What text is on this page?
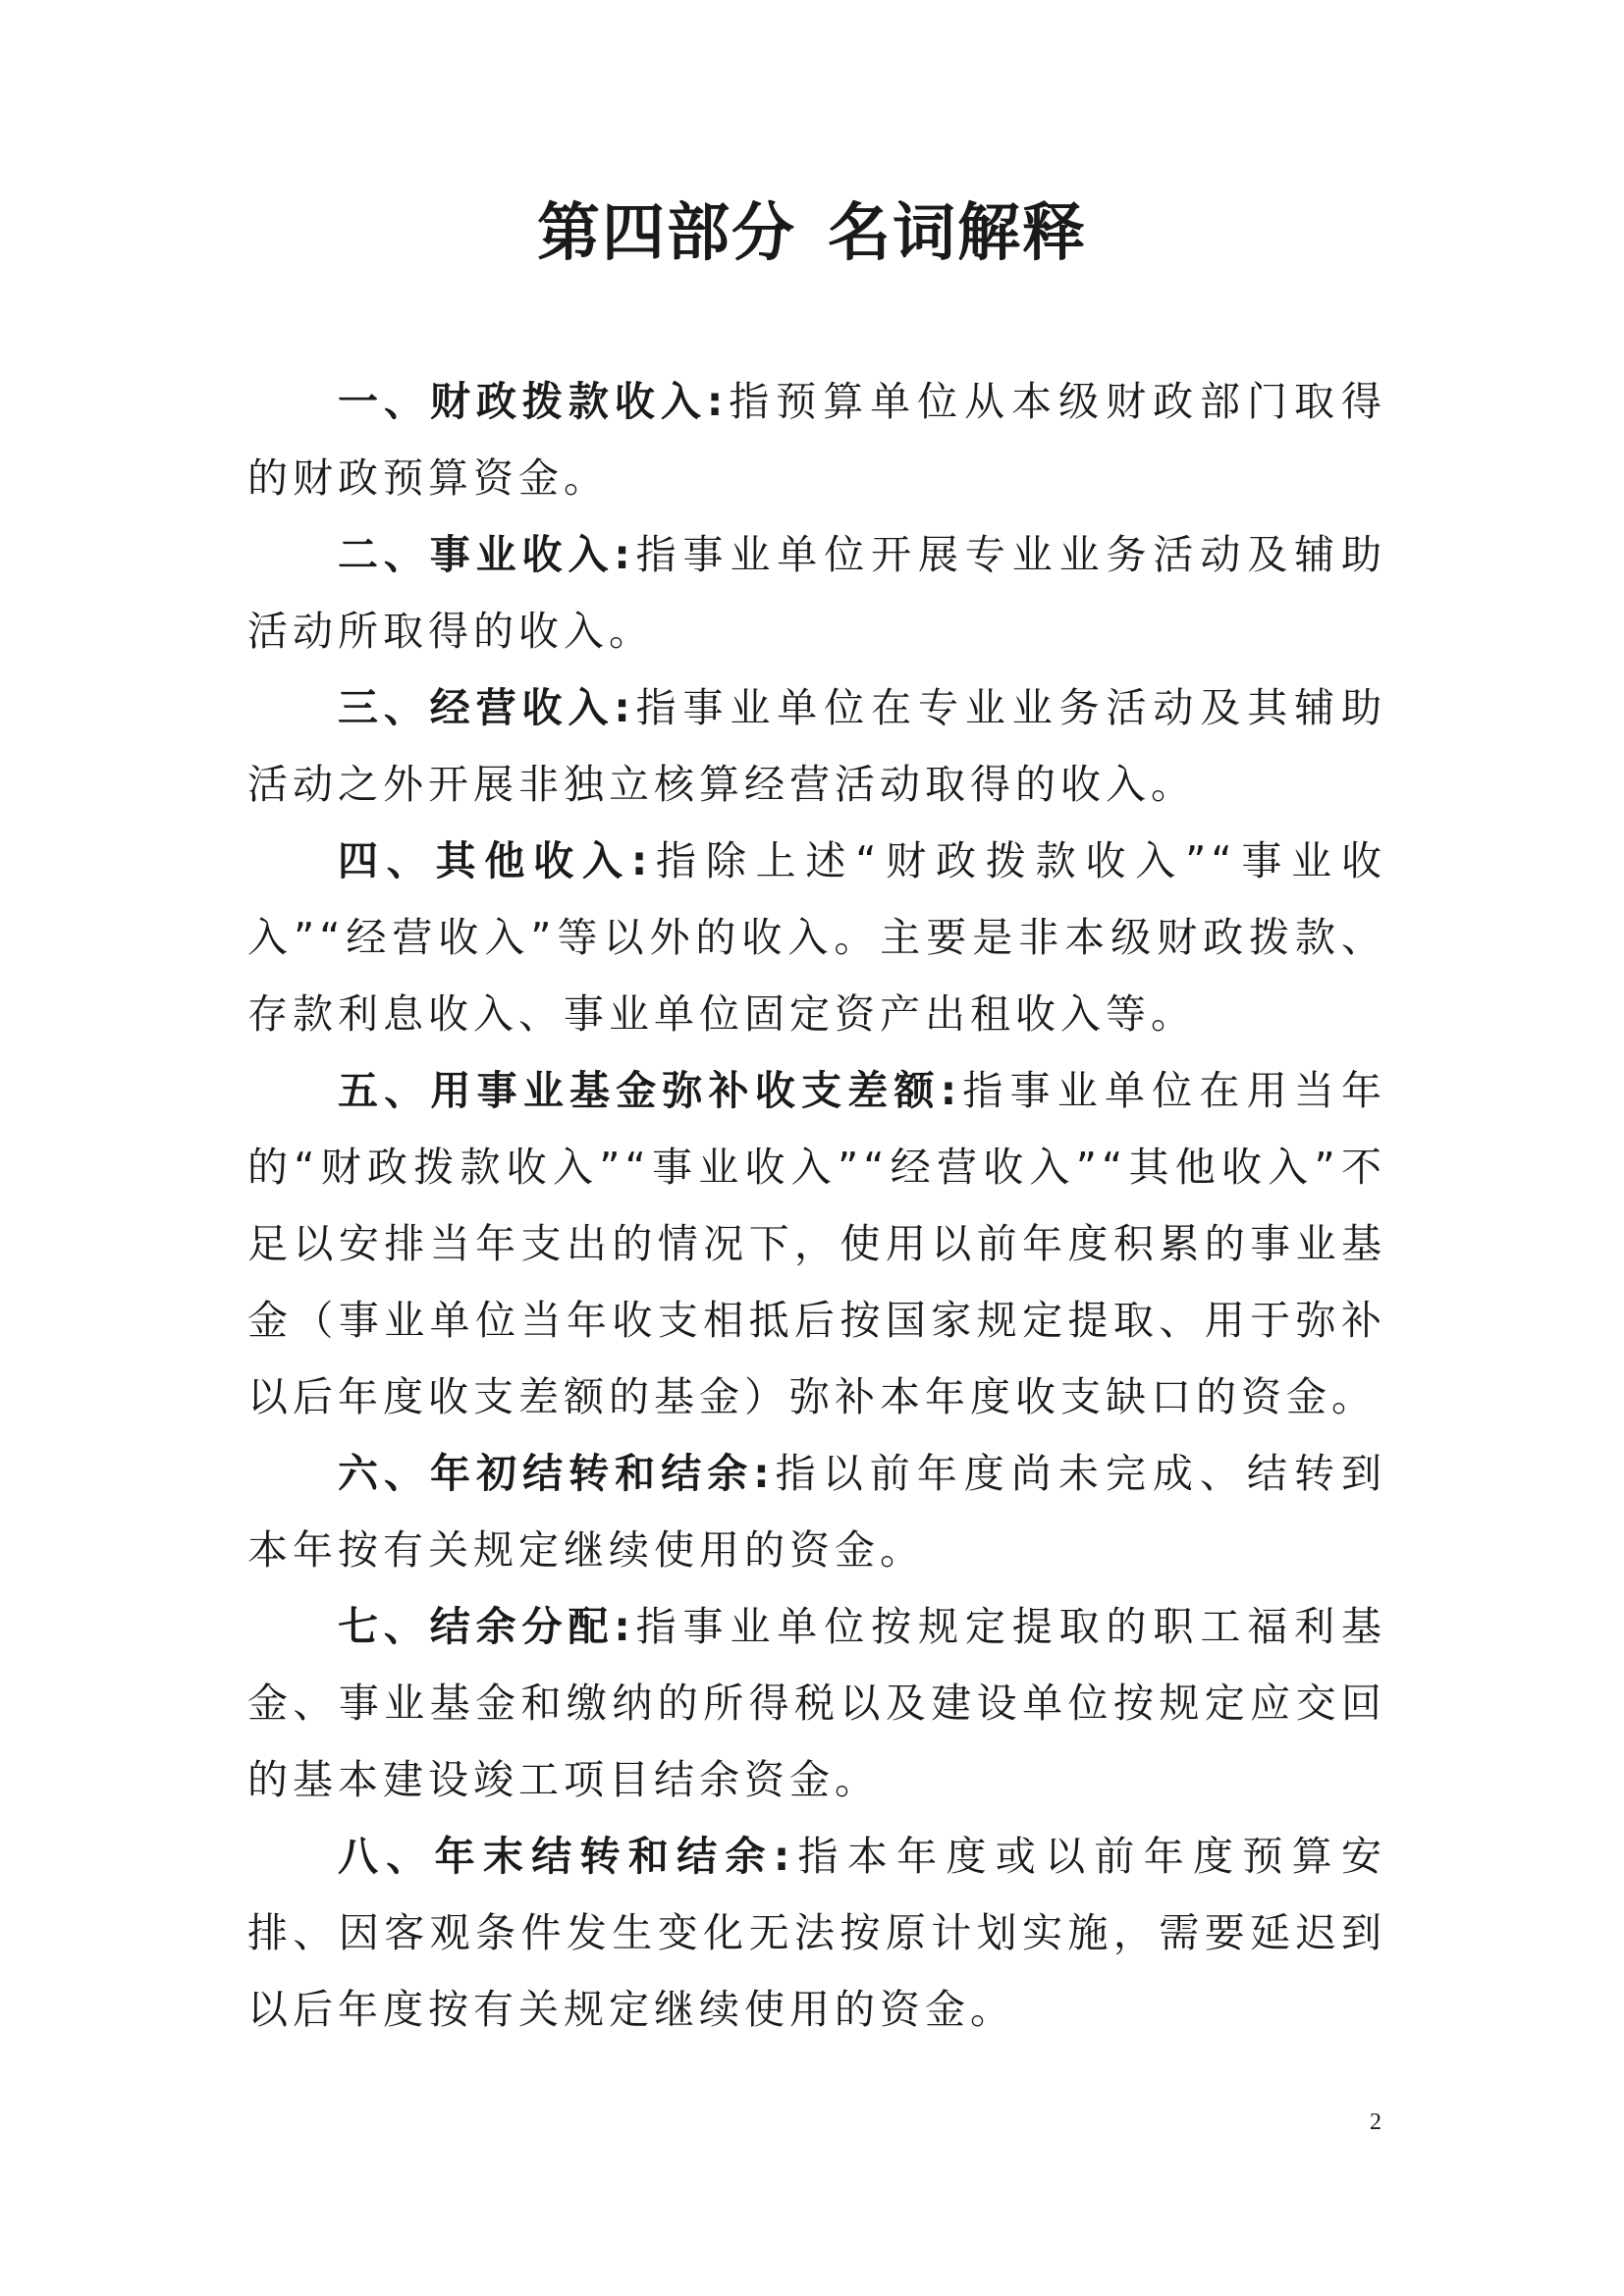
第四部分 名词解释

一、财政拨款收入:指预算单位从本级财政部门取得的财政预算资金。

二、事业收入:指事业单位开展专业业务活动及辅助活动所取得的收入。

三、经营收入:指事业单位在专业业务活动及其辅助活动之外开展非独立核算经营活动取得的收入。

四、其他收入:指除上述“财政拨款收入”“事业收入”“经营收入”等以外的收入。主要是非本级财政拨款、存款利息收入、事业单位固定资产出租收入等。

五、用事业基金弥补收支差额:指事业单位在用当年的“财政拨款收入”“事业收入”“经营收入”“其他收入”不足以安排当年支出的情况下，使用以前年度积累的事业基金（事业单位当年收支相抵后按国家规定提取、用于弥补以后年度收支差额的基金）弥补本年度收支缺口的资金。

六、年初结转和结余:指以前年度尚未完成、结转到本年按有关规定继续使用的资金。

七、结余分配:指事业单位按规定提取的职工福利基金、事业基金和缴纳的所得税以及建设单位按规定应交回的基本建设竣工项目结余资金。

八、年末结转和结余:指本年度或以前年度预算安排、因客观条件发生变化无法按原计划实施，需要延迟到以后年度按有关规定继续使用的资金。

2
